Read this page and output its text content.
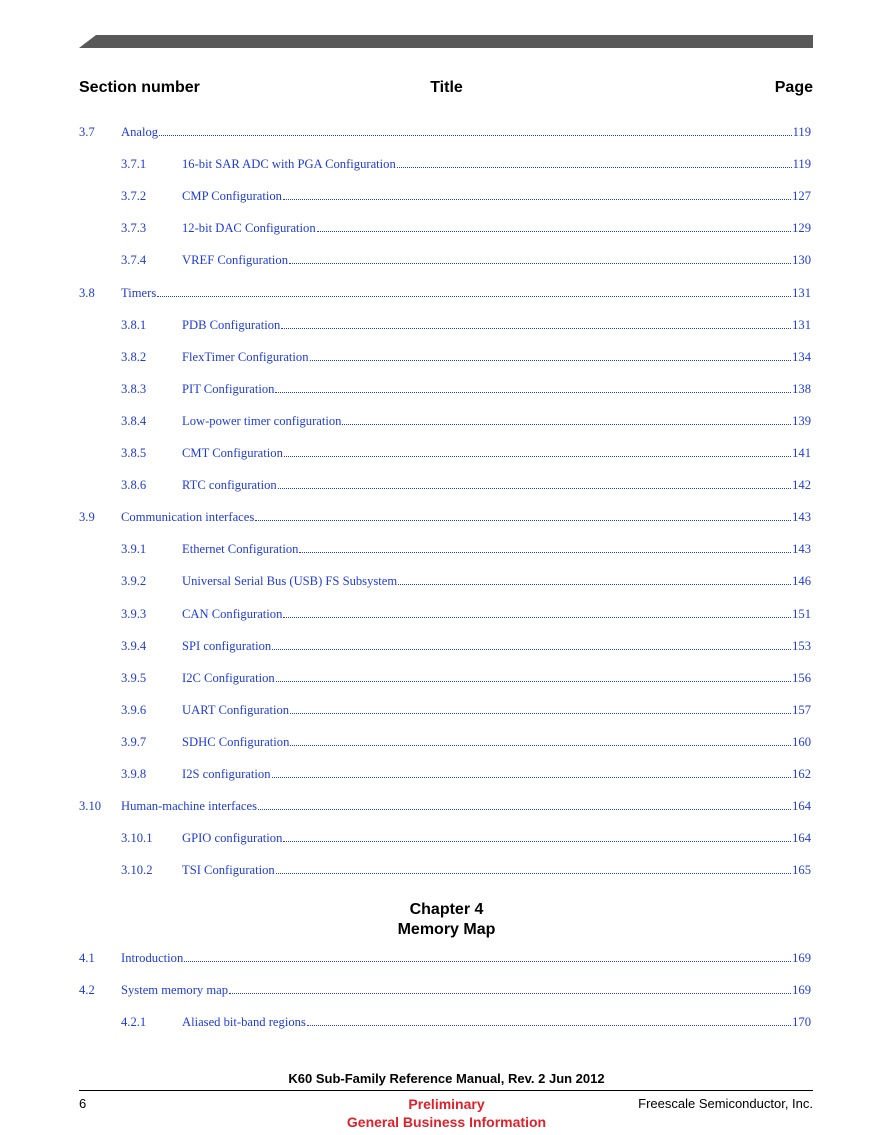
Section number	Title	Page
3.7	Analog	119
3.7.1	16-bit SAR ADC with PGA Configuration	119
3.7.2	CMP Configuration	127
3.7.3	12-bit DAC Configuration	129
3.7.4	VREF Configuration	130
3.8	Timers	131
3.8.1	PDB Configuration	131
3.8.2	FlexTimer Configuration	134
3.8.3	PIT Configuration	138
3.8.4	Low-power timer configuration	139
3.8.5	CMT Configuration	141
3.8.6	RTC configuration	142
3.9	Communication interfaces	143
3.9.1	Ethernet Configuration	143
3.9.2	Universal Serial Bus (USB) FS Subsystem	146
3.9.3	CAN Configuration	151
3.9.4	SPI configuration	153
3.9.5	I2C Configuration	156
3.9.6	UART Configuration	157
3.9.7	SDHC Configuration	160
3.9.8	I2S configuration	162
3.10	Human-machine interfaces	164
3.10.1	GPIO configuration	164
3.10.2	TSI Configuration	165
Chapter 4
Memory Map
4.1	Introduction	169
4.2	System memory map	169
4.2.1	Aliased bit-band regions	170
K60 Sub-Family Reference Manual, Rev. 2 Jun 2012
6	Preliminary	Freescale Semiconductor, Inc.
General Business Information
